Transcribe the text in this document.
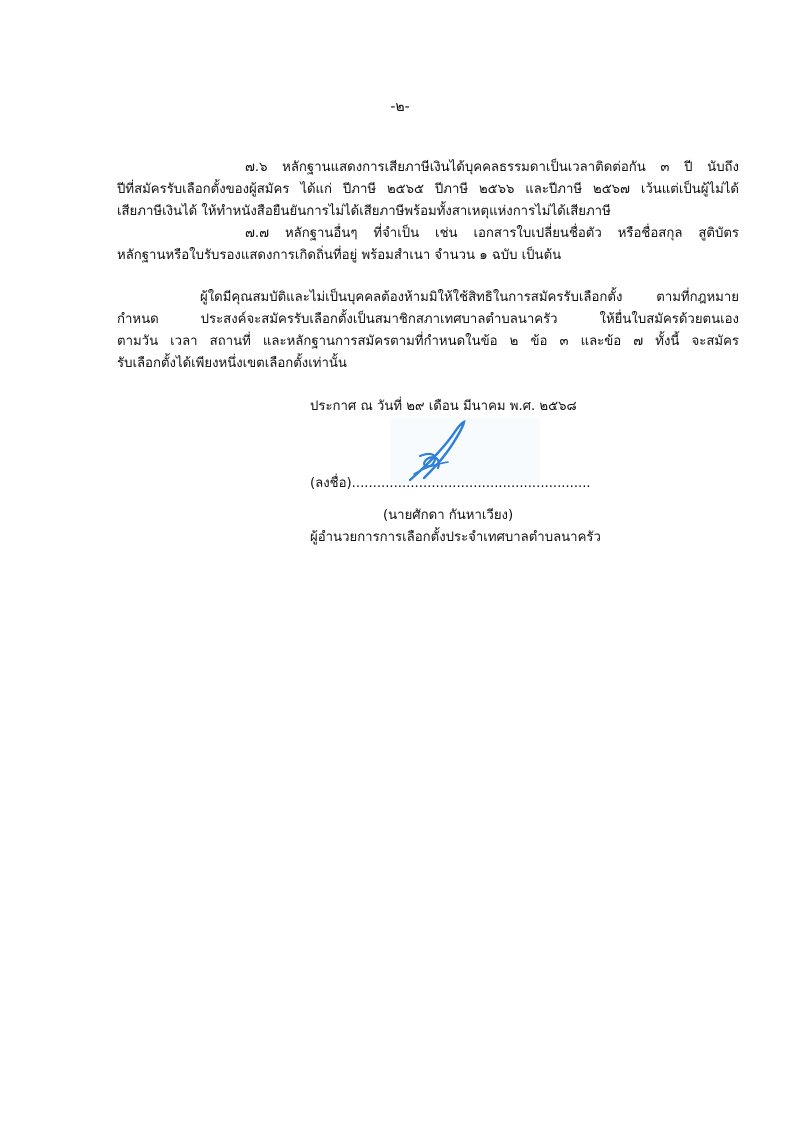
-๒-
๗.๖ หลักฐานแสดงการเสียภาษีเงินได้บุคคลธรรมดาเป็นเวลาติดต่อกัน ๓ ปี นับถึง
ปีที่สมัครรับเลือกตั้งของผู้สมัคร ได้แก่ ปีภาษี ๒๕๖๕ ปีภาษี ๒๕๖๖ และปีภาษี ๒๕๖๗ เว้นแต่เป็นผู้ไม่ได้
เสียภาษีเงินได้ ให้ทำหนังสือยืนยันการไม่ได้เสียภาษีพร้อมทั้งสาเหตุแห่งการไม่ได้เสียภาษี
๗.๗ หลักฐานอื่นๆ ที่จำเป็น เช่น เอกสารใบเปลี่ยนชื่อตัว หรือชื่อสกุล สูติบัตร
หลักฐานหรือใบรับรองแสดงการเกิดถิ่นที่อยู่ พร้อมสำเนา จำนวน ๑ ฉบับ เป็นต้น
ผู้ใดมีคุณสมบัติและไม่เป็นบุคคลต้องห้ามมิให้ใช้สิทธิในการสมัครรับเลือกตั้ง ตามที่กฎหมาย
กำหนด ประสงค์จะสมัครรับเลือกตั้งเป็นสมาชิกสภาเทศบาลตำบลนาครัว ให้ยื่นใบสมัครด้วยตนเอง
ตามวัน เวลา สถานที่ และหลักฐานการสมัครตามที่กำหนดในข้อ ๒ ข้อ ๓ และข้อ ๗ ทั้งนี้ จะสมัคร
รับเลือกตั้งได้เพียงหนึ่งเขตเลือกตั้งเท่านั้น
ประกาศ ณ วันที่ ๒๙ เดือน มีนาคม พ.ศ. ๒๕๖๘
(ลงชื่อ).........................................................
(นายศักดา กันหาเวียง)
ผู้อำนวยการการเลือกตั้งประจำเทศบาลตำบลนาครัว
